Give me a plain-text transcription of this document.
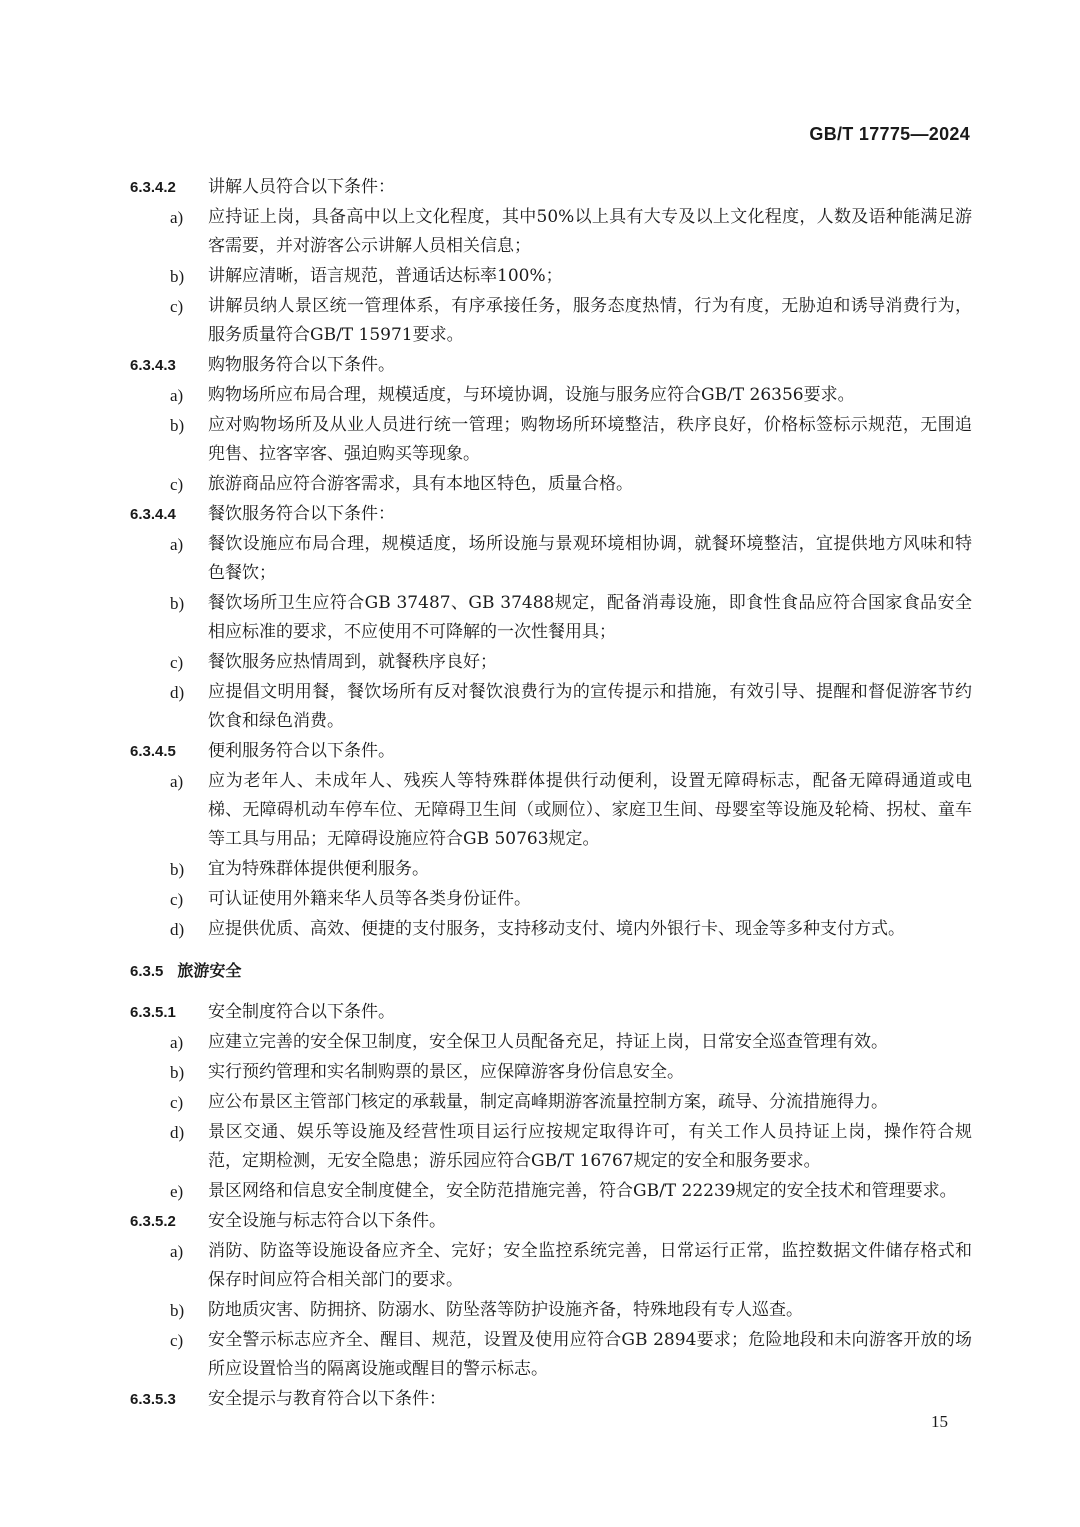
GB/T 17775—2024
6.3.4.2 讲解人员符合以下条件：
a) 应持证上岗，具备高中以上文化程度，其中50%以上具有大专及以上文化程度，人数及语种能满足游客需要，并对游客公示讲解人员相关信息；
b) 讲解应清晰，语言规范，普通话达标率100%；
c) 讲解员纳人景区统一管理体系，有序承接任务，服务态度热情，行为有度，无胁迫和诱导消费行为，服务质量符合GB/T 15971要求。
6.3.4.3 购物服务符合以下条件。
a) 购物场所应布局合理，规模适度，与环境协调，设施与服务应符合GB/T 26356要求。
b) 应对购物场所及从业人员进行统一管理；购物场所环境整洁，秩序良好，价格标签标示规范，无围追兜售、拉客宰客、强迫购买等现象。
c) 旅游商品应符合游客需求，具有本地区特色，质量合格。
6.3.4.4 餐饮服务符合以下条件：
a) 餐饮设施应布局合理，规模适度，场所设施与景观环境相协调，就餐环境整洁，宜提供地方风味和特色餐饮；
b) 餐饮场所卫生应符合GB 37487、GB 37488规定，配备消毒设施，即食性食品应符合国家食品安全相应标准的要求，不应使用不可降解的一次性餐用具；
c) 餐饮服务应热情周到，就餐秩序良好；
d) 应提倡文明用餐，餐饮场所有反对餐饮浪费行为的宣传提示和措施，有效引导、提醒和督促游客节约饮食和绿色消费。
6.3.4.5 便利服务符合以下条件。
a) 应为老年人、未成年人、残疾人等特殊群体提供行动便利，设置无障碍标志，配备无障碍通道或电梯、无障碍机动车停车位、无障碍卫生间（或厕位）、家庭卫生间、母婴室等设施及轮椅、拐杖、童车等工具与用品；无障碍设施应符合GB 50763规定。
b) 宜为特殊群体提供便利服务。
c) 可认证使用外籍来华人员等各类身份证件。
d) 应提供优质、高效、便捷的支付服务，支持移动支付、境内外银行卡、现金等多种支付方式。
6.3.5 旅游安全
6.3.5.1 安全制度符合以下条件。
a) 应建立完善的安全保卫制度，安全保卫人员配备充足，持证上岗，日常安全巡查管理有效。
b) 实行预约管理和实名制购票的景区，应保障游客身份信息安全。
c) 应公布景区主管部门核定的承载量，制定高峰期游客流量控制方案，疏导、分流措施得力。
d) 景区交通、娱乐等设施及经营性项目运行应按规定取得许可，有关工作人员持证上岗，操作符合规范，定期检测，无安全隐患；游乐园应符合GB/T 16767规定的安全和服务要求。
e) 景区网络和信息安全制度健全，安全防范措施完善，符合GB/T 22239规定的安全技术和管理要求。
6.3.5.2 安全设施与标志符合以下条件。
a) 消防、防盗等设施设备应齐全、完好；安全监控系统完善，日常运行正常，监控数据文件储存格式和保存时间应符合相关部门的要求。
b) 防地质灾害、防拥挤、防溺水、防坠落等防护设施齐备，特殊地段有专人巡查。
c) 安全警示标志应齐全、醒目、规范，设置及使用应符合GB 2894要求；危险地段和未向游客开放的场所应设置恰当的隔离设施或醒目的警示标志。
6.3.5.3 安全提示与教育符合以下条件：
15
